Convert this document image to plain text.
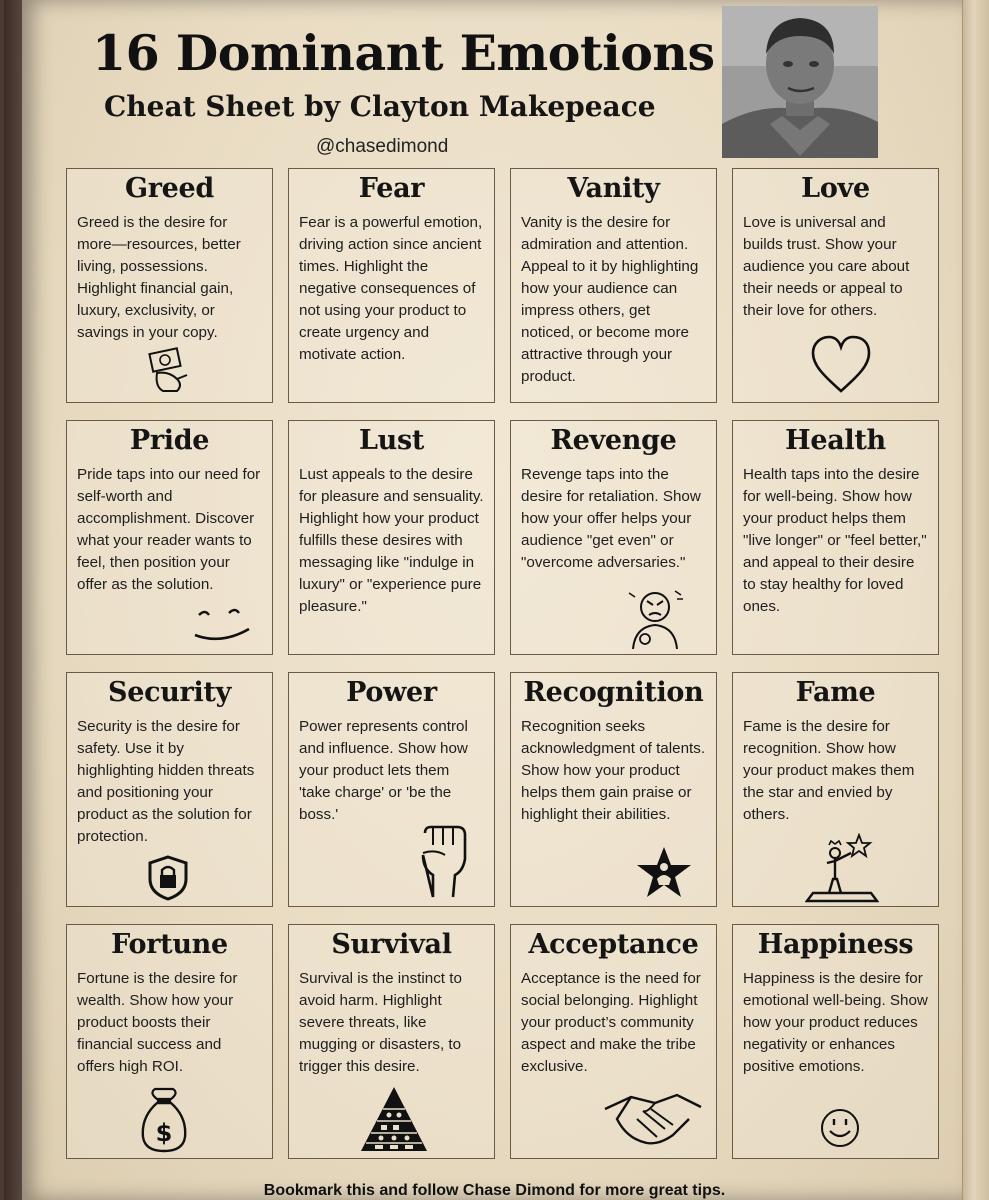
16 Dominant Emotions
Cheat Sheet by Clayton Makepeace
@chasedimond
Greed

Greed is the desire for more—resources, better living, possessions. Highlight financial gain, luxury, exclusivity, or savings in your copy.

Fear

Fear is a powerful emotion, driving action since ancient times. Highlight the negative consequences of not using your product to create urgency and motivate action.

Vanity

Vanity is the desire for admiration and attention. Appeal to it by highlighting how your audience can impress others, get noticed, or become more attractive through your product.

Love

Love is universal and builds trust. Show your audience you care about their needs or appeal to their love for others.

Pride

Pride taps into our need for self-worth and accomplishment. Discover what your reader wants to feel, then position your offer as the solution.

Lust

Lust appeals to the desire for pleasure and sensuality. Highlight how your product fulfills these desires with messaging like "indulge in luxury" or "experience pure pleasure."

Revenge

Revenge taps into the desire for retaliation. Show how your offer helps your audience "get even" or "overcome adversaries."

Health

Health taps into the desire for well-being. Show how your product helps them "live longer" or "feel better," and appeal to their desire to stay healthy for loved ones.

Security

Security is the desire for safety. Use it by highlighting hidden threats and positioning your product as the solution for protection.

Power

Power represents control and influence. Show how your product lets them 'take charge' or 'be the boss.'

Recognition

Recognition seeks acknowledgment of talents. Show how your product helps them gain praise or highlight their abilities.

Fame

Fame is the desire for recognition. Show how your product makes them the star and envied by others.

Fortune

Fortune is the desire for wealth. Show how your product boosts their financial success and offers high ROI.

$
Survival

Survival is the instinct to avoid harm. Highlight severe threats, like mugging or disasters, to trigger this desire.

Acceptance

Acceptance is the need for social belonging. Highlight your product’s community aspect and make the tribe exclusive.

Happiness

Happiness is the desire for emotional well-being. Show how your product reduces negativity or enhances positive emotions.

Bookmark this and follow Chase Dimond for more great tips.
